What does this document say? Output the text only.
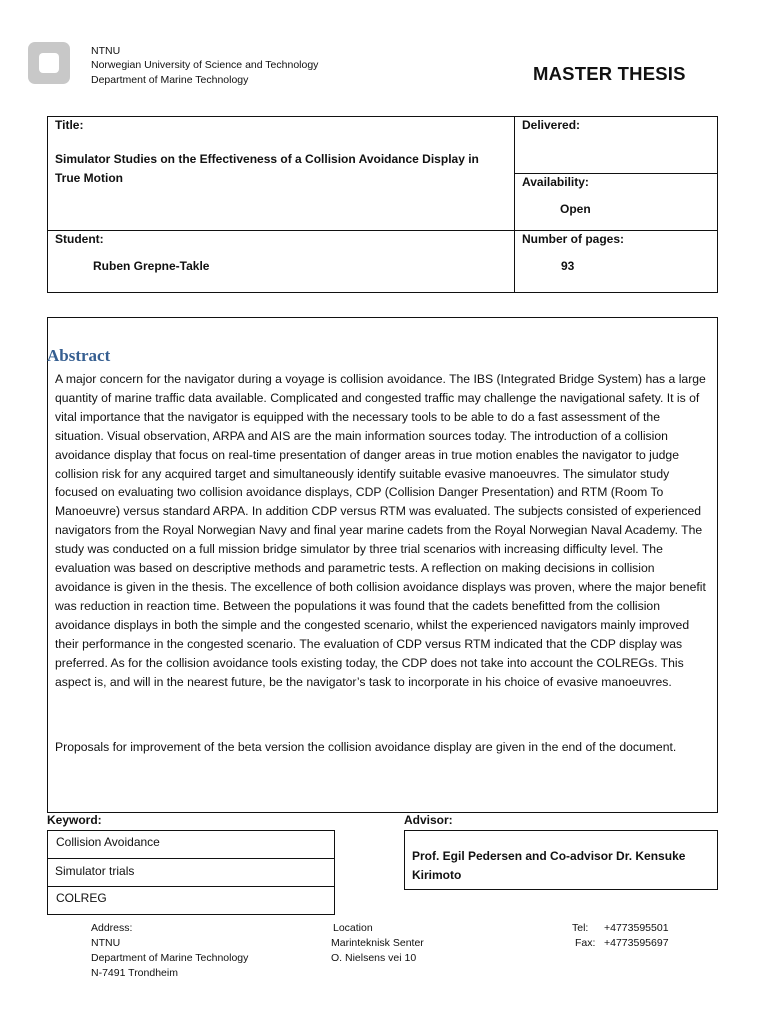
NTNU
Norwegian University of Science and Technology
Department of Marine Technology	MASTER THESIS
Title:
Simulator Studies on the Effectiveness of a Collision Avoidance Display in True Motion
Delivered:
Availability:
Open
Student:
Ruben Grepne-Takle
Number of pages:
93
Abstract
A major concern for the navigator during a voyage is collision avoidance. The IBS (Integrated Bridge System) has a large quantity of marine traffic data available. Complicated and congested traffic may challenge the navigational safety. It is of vital importance that the navigator is equipped with the necessary tools to be able to do a fast assessment of the situation. Visual observation, ARPA and AIS are the main information sources today. The introduction of a collision avoidance display that focus on real-time presentation of danger areas in true motion enables the navigator to judge collision risk for any acquired target and simultaneously identify suitable evasive manoeuvres. The simulator study focused on evaluating two collision avoidance displays, CDP (Collision Danger Presentation) and RTM (Room To Manoeuvre) versus standard ARPA. In addition CDP versus RTM was evaluated. The subjects consisted of experienced navigators from the Royal Norwegian Navy and final year marine cadets from the Royal Norwegian Naval Academy. The study was conducted on a full mission bridge simulator by three trial scenarios with increasing difficulty level. The evaluation was based on descriptive methods and parametric tests. A reflection on making decisions in collision avoidance is given in the thesis. The excellence of both collision avoidance displays was proven, where the major benefit was reduction in reaction time. Between the populations it was found that the cadets benefitted from the collision avoidance displays in both the simple and the congested scenario, whilst the experienced navigators mainly improved their performance in the congested scenario. The evaluation of CDP versus RTM indicated that the CDP display was preferred. As for the collision avoidance tools existing today, the CDP does not take into account the COLREGs. This aspect is, and will in the nearest future, be the navigator’s task to incorporate in his choice of evasive manoeuvres.
Proposals for improvement of the beta version the collision avoidance display are given in the end of the document.
Keyword:
Collision Avoidance
Simulator trials
COLREG
Advisor:
Prof. Egil Pedersen and Co-advisor Dr. Kensuke Kirimoto
Address:
NTNU
Department of Marine Technology
N-7491 Trondheim
Location
Marinteknisk Senter
O. Nielsens vei 10
Tel: +4773595501
Fax: +4773595697
